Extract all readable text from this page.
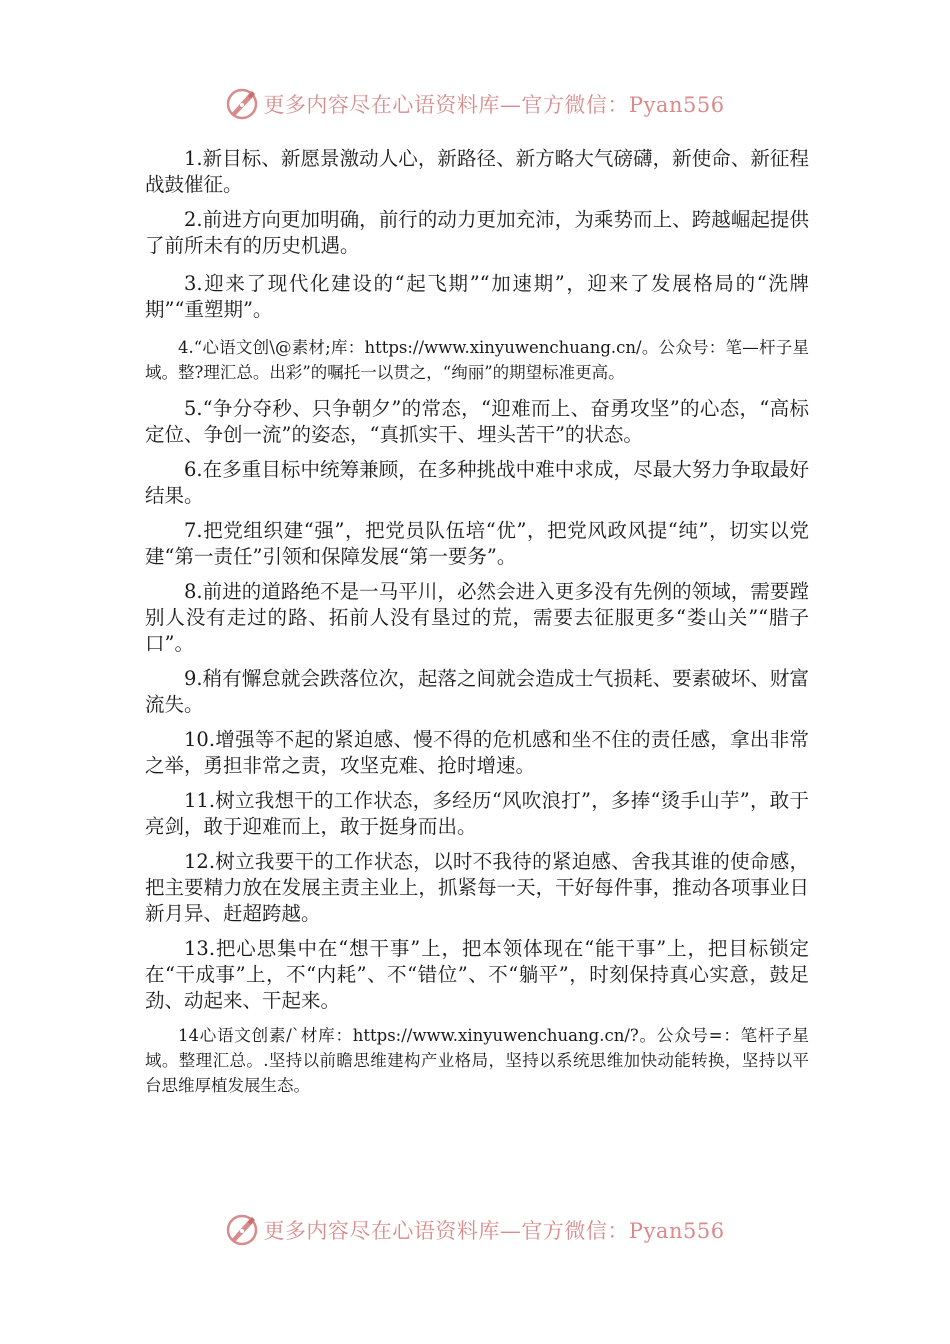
更多内容尽在心语资料库—官方微信：Pyan556

1.新目标、新愿景激动人心，新路径、新方略大气磅礴，新使命、新征程战鼓催征。

2.前进方向更加明确，前行的动力更加充沛，为乘势而上、跨越崛起提供了前所未有的历史机遇。

3.迎来了现代化建设的“起飞期”“加速期”，迎来了发展格局的“洗牌期”“重塑期”。

4.“心语文创\@素材;库：https://www.xinyuwenchuang.cn/。公众号：笔—杆子星域。整?理汇总。出彩”的嘱托一以贯之，“绚丽”的期望标准更高。

5.“争分夺秒、只争朝夕”的常态，“迎难而上、奋勇攻坚”的心态，“高标定位、争创一流”的姿态，“真抓实干、埋头苦干”的状态。

6.在多重目标中统筹兼顾，在多种挑战中难中求成，尽最大努力争取最好结果。

7.把党组织建“强”，把党员队伍培“优”，把党风政风提“纯”，切实以党建“第一责任”引领和保障发展“第一要务”。

8.前进的道路绝不是一马平川，必然会进入更多没有先例的领域，需要蹚别人没有走过的路、拓前人没有垦过的荒，需要去征服更多“娄山关”“腊子口”。

9.稍有懈怠就会跌落位次，起落之间就会造成士气损耗、要素破坏、财富流失。

10.增强等不起的紧迫感、慢不得的危机感和坐不住的责任感，拿出非常之举，勇担非常之责，攻坚克难、抢时增速。

11.树立我想干的工作状态，多经历“风吹浪打”，多捧“烫手山芋”，敢于亮剑，敢于迎难而上，敢于挺身而出。

12.树立我要干的工作状态，以时不我待的紧迫感、舍我其谁的使命感，把主要精力放在发展主责主业上，抓紧每一天，干好每件事，推动各项事业日新月异、赶超跨越。

13.把心思集中在“想干事”上，把本领体现在“能干事”上，把目标锁定在“干成事”上，不“内耗”、不“错位”、不“躺平”，时刻保持真心实意，鼓足劲、动起来、干起来。

14心语文创素/`材库：https://www.xinyuwenchuang.cn/?。公众号=：笔杆子星域。整理汇总。.坚持以前瞻思维建构产业格局，坚持以系统思维加快动能转换，坚持以平台思维厚植发展生态。

更多内容尽在心语资料库—官方微信：Pyan556
